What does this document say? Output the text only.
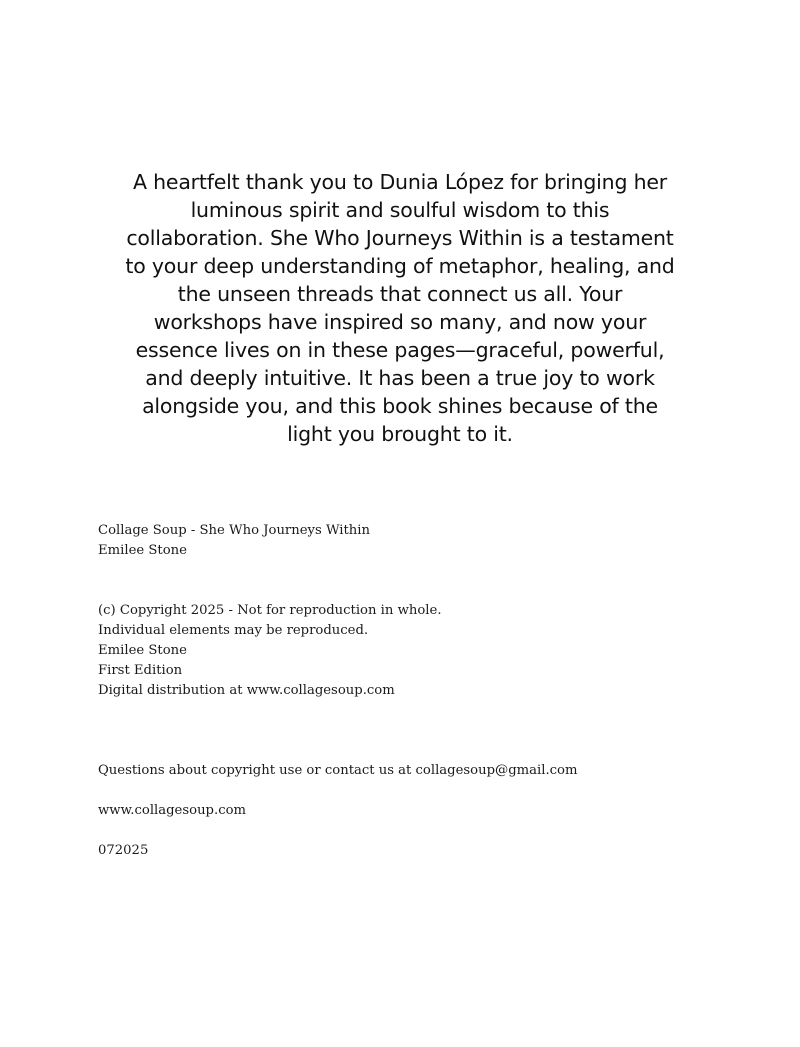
A heartfelt thank you to Dunia López for bringing her
luminous spirit and soulful wisdom to this
collaboration. She Who Journeys Within is a testament
to your deep understanding of metaphor, healing, and
the unseen threads that connect us all. Your
workshops have inspired so many, and now your
essence lives on in these pages—graceful, powerful,
and deeply intuitive. It has been a true joy to work
alongside you, and this book shines because of the
light you brought to it.
Collage Soup - She Who Journeys Within
Emilee Stone
(c) Copyright 2025 - Not for reproduction in whole.
Individual elements may be reproduced.
Emilee Stone
First Edition
Digital distribution at www.collagesoup.com
Questions about copyright use or contact us at collagesoup@gmail.com
www.collagesoup.com
072025
